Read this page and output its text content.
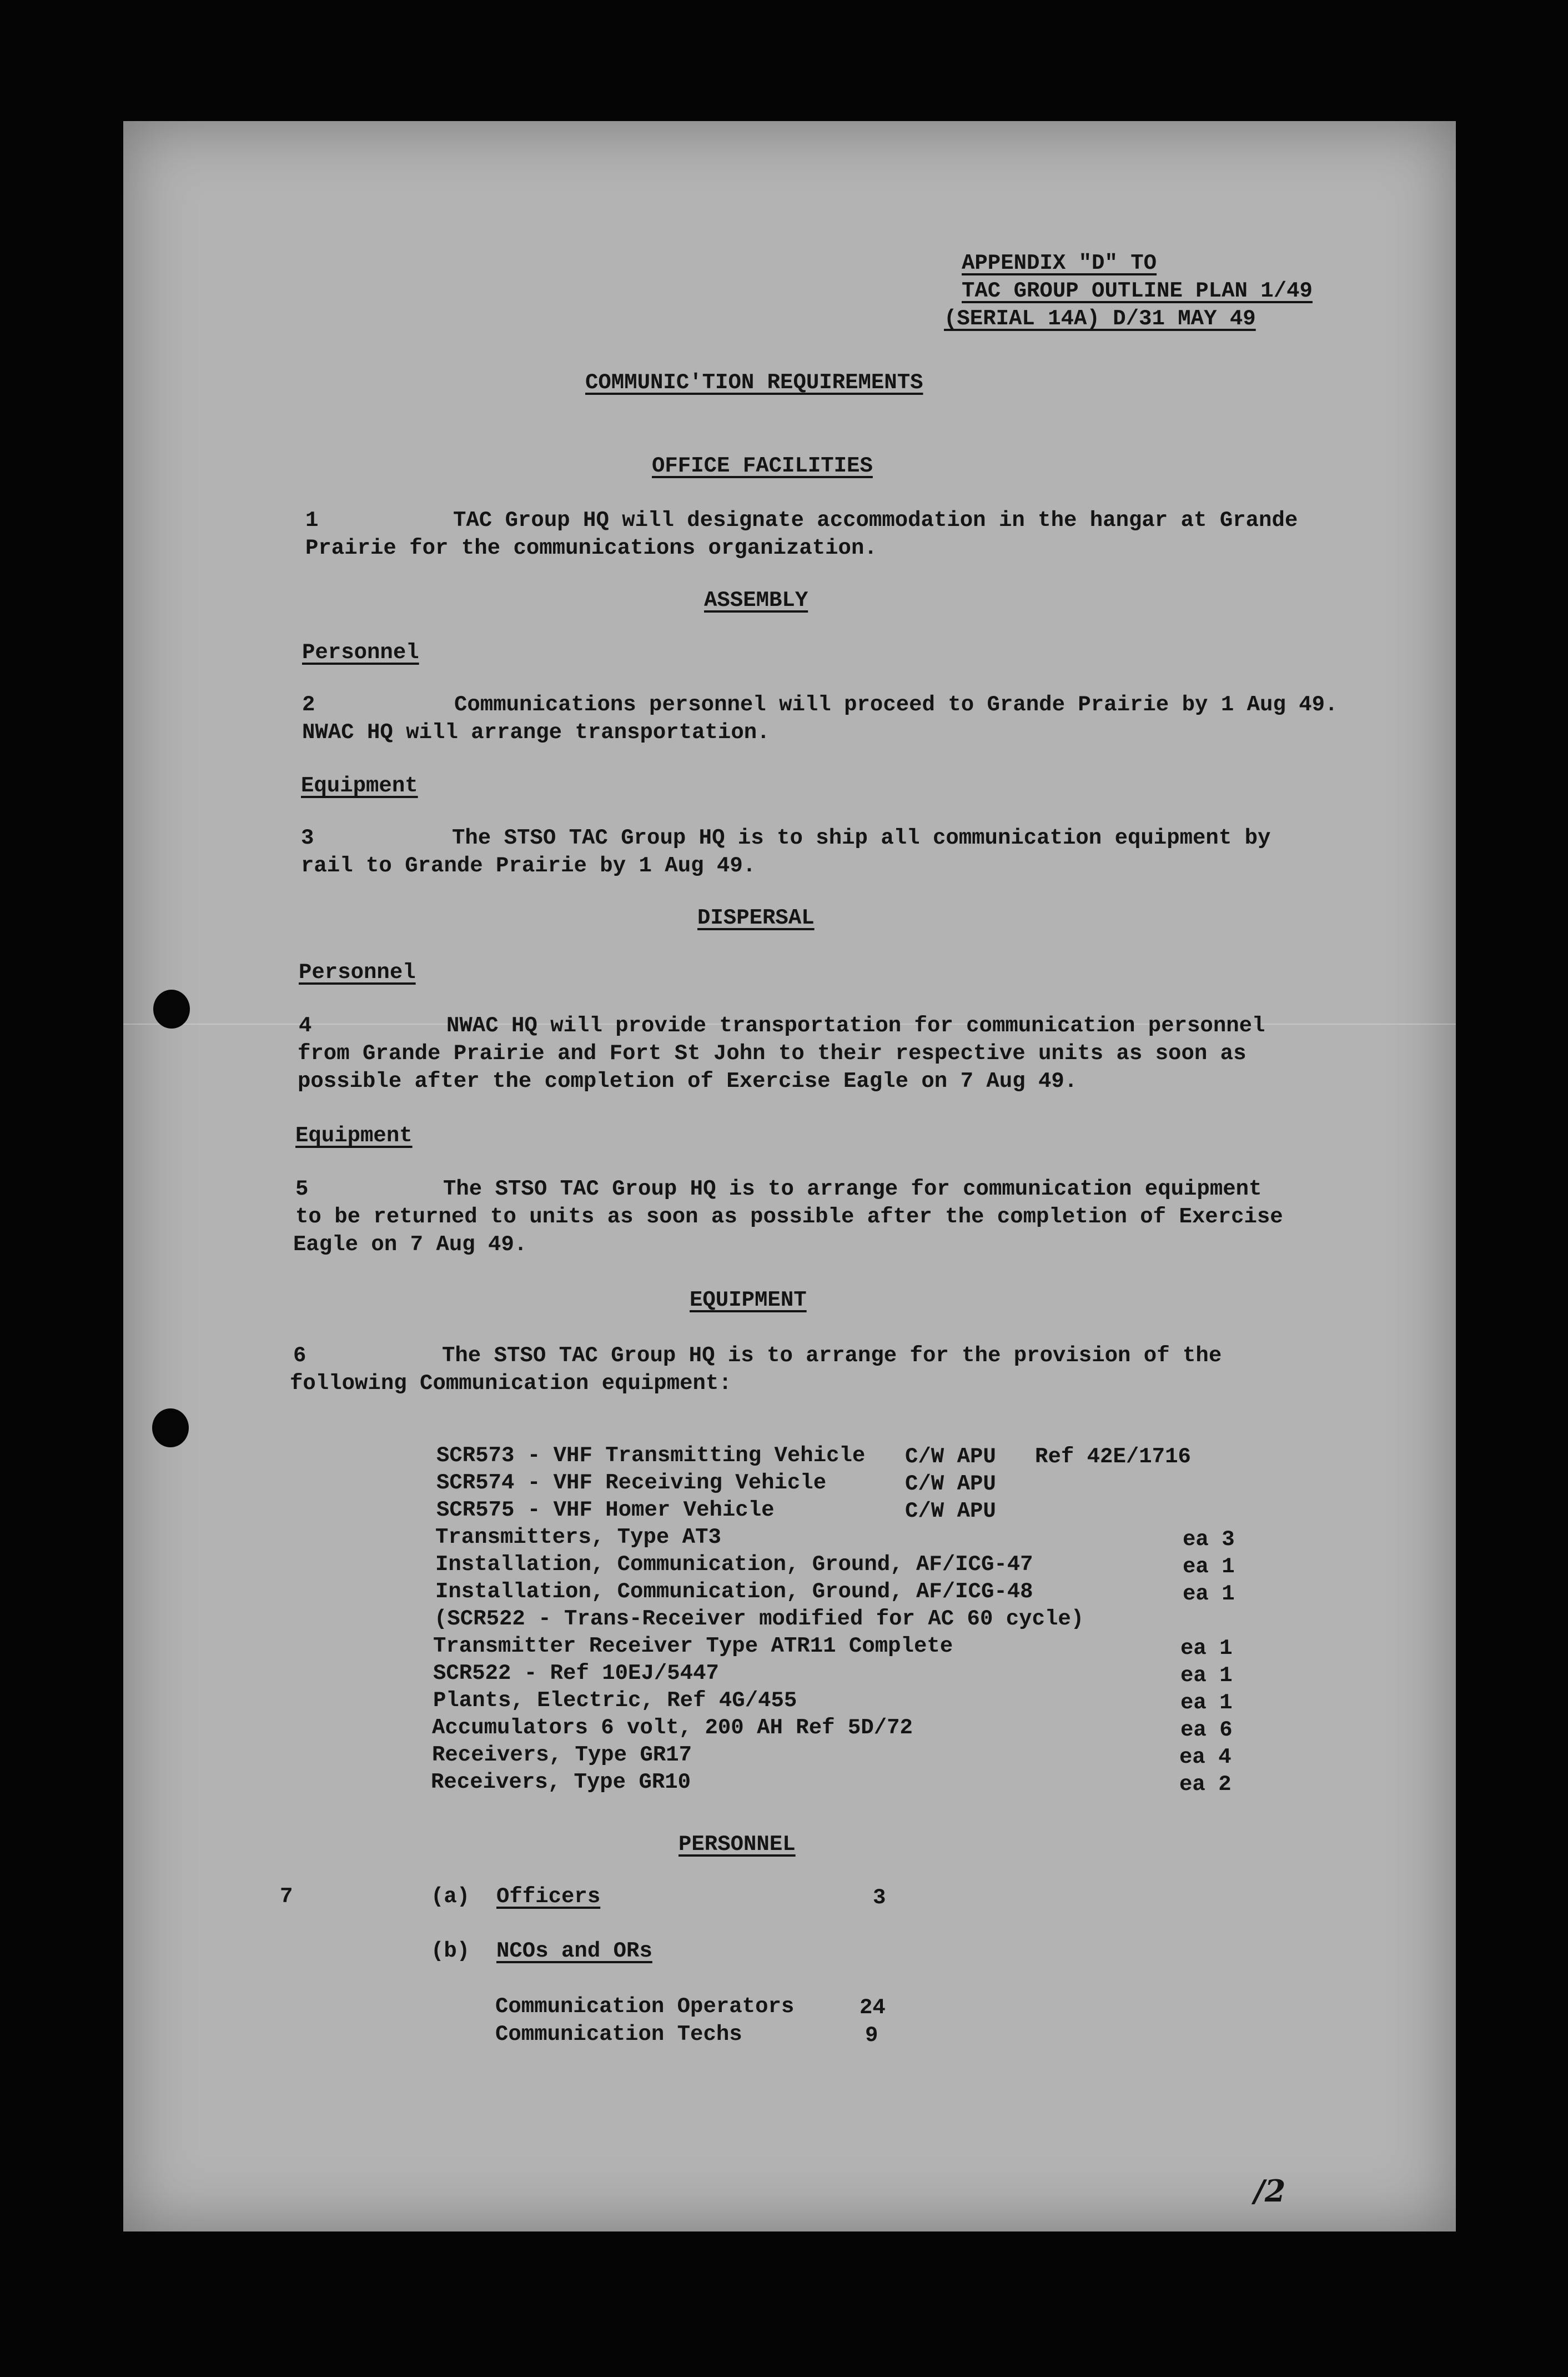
APPENDIX "D" TO
TAC GROUP OUTLINE PLAN 1/49
(SERIAL 14A) D/31 MAY 49
COMMUNIC'TION REQUIREMENTS
OFFICE FACILITIES
1	TAC Group HQ will designate accommodation in the hangar at Grande
Prairie for the communications organization.
ASSEMBLY
Personnel
2	Communications personnel will proceed to Grande Prairie by 1 Aug 49.
NWAC HQ will arrange transportation.
Equipment
3	The STSO TAC Group HQ is to ship all communication equipment by
rail to Grande Prairie by 1 Aug 49.
DISPERSAL
Personnel
4	NWAC HQ will provide transportation for communication personnel
from Grande Prairie and Fort St John to their respective units as soon as
possible after the completion of Exercise Eagle on 7 Aug 49.
Equipment
5	The STSO TAC Group HQ is to arrange for communication equipment
to be returned to units as soon as possible after the completion of Exercise
Eagle on 7 Aug 49.
EQUIPMENT
6	The STSO TAC Group HQ is to arrange for the provision of the
following Communication equipment:
SCR573 - VHF Transmitting Vehicle C/W APU   Ref 42E/1716
SCR574 - VHF Receiving Vehicle	C/W APU
SCR575 - VHF Homer Vehicle	C/W APU
Transmitters, Type AT3	ea 3
Installation, Communication, Ground, AF/ICG-47	ea 1
Installation, Communication, Ground, AF/ICG-48	ea 1
(SCR522 - Trans-Receiver modified for AC 60 cycle)
Transmitter Receiver Type ATR11 Complete	ea 1
SCR522 - Ref 10EJ/5447	ea 1
Plants, Electric, Ref 4G/455	ea 1
Accumulators 6 volt, 200 AH Ref 5D/72	ea 6
Receivers, Type GR17	ea 4
Receivers, Type GR10	ea 2
PERSONNEL
7	(a) Officers	3
(b) NCOs and ORs
Communication Operators	24
Communication Techs	9
/2
